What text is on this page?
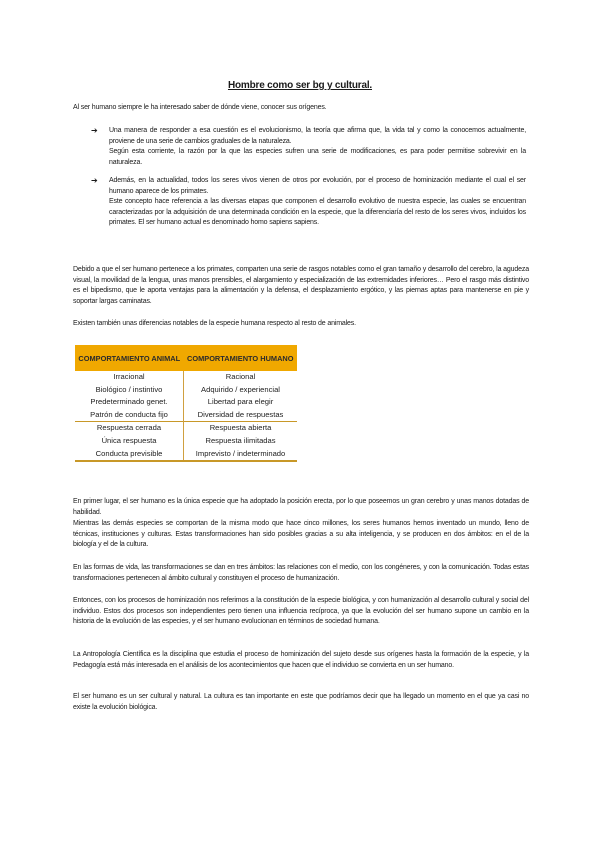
Hombre como ser bg y cultural.

Al ser humano siempre le ha interesado saber de dónde viene, conocer sus orígenes.

➔ Una manera de responder a esa cuestión es el evolucionismo, la teoría que afirma que, la vida tal y como la conocemos actualmente, proviene de una serie de cambios graduales de la naturaleza.
Según esta corriente, la razón por la que las especies sufren una serie de modificaciones, es para poder permitise sobrevivir en la naturaleza.
➔ Además, en la actualidad, todos los seres vivos vienen de otros por evolución, por el proceso de hominización mediante el cual el ser humano aparece de los primates.
Este concepto hace referencia a las diversas etapas que componen el desarrollo evolutivo de nuestra especie, las cuales se encuentran caracterizadas por la adquisición de una determinada condición en la especie, que la diferenciaría del resto de los seres vivos, incluidos los primates. El ser humano actual es denominado homo sapiens sapiens.

Debido a que el ser humano pertenece a los primates, comparten una serie de rasgos notables como el gran tamaño y desarrollo del cerebro, la agudeza visual, la movilidad de la lengua, unas manos prensibles, el alargamiento y especialización de las extremidades inferiores… Pero el rasgo más distintivo es el bipedismo, que le aporta ventajas para la alimentación y la defensa, el desplazamiento ergótico, y las piernas aptas para mantenerse en pie y soportar largas caminatas.

Existen también unas diferencias notables de la especie humana respecto al resto de animales.

COMPORTAMIENTO ANIMAL	COMPORTAMIENTO HUMANO
Irracional	Racional
Biológico / instintivo	Adquirido / experiencial
Predeterminado genet.	Libertad para elegir
Patrón de conducta fijo	Diversidad de respuestas
Respuesta cerrada	Respuesta abierta
Única respuesta	Respuesta ilimitadas
Conducta previsible	Imprevisto / indeterminado

En primer lugar, el ser humano es la única especie que ha adoptado la posición erecta, por lo que poseemos un gran cerebro y unas manos dotadas de habilidad.

Mientras las demás especies se comportan de la misma modo que hace cinco millones, los seres humanos hemos inventado un mundo, lleno de técnicas, instituciones y culturas. Estas transformaciones han sido posibles gracias a su alta inteligencia, y se producen en dos ámbitos: en el de la biología y el de la cultura.

En las formas de vida, las transformaciones se dan en tres ámbitos: las relaciones con el medio, con los congéneres, y con la comunicación. Todas estas transformaciones pertenecen al ámbito cultural y constituyen el proceso de humanización.

Entonces, con los procesos de hominización nos referimos a la constitución de la especie biológica, y con humanización al desarrollo cultural y social del individuo. Estos dos procesos son independientes pero tienen una influencia recíproca, ya que la evolución del ser humano supone un cambio en la historia de la evolución de las especies, y el ser humano evolucionan en términos de sociedad humana.

La Antropología Científica es la disciplina que estudia el proceso de hominización del sujeto desde sus orígenes hasta la formación de la especie, y la Pedagogía está más interesada en el análisis de los acontecimientos que hacen que el individuo se convierta en un ser humano.

El ser humano es un ser cultural y natural. La cultura es tan importante en este que podríamos decir que ha llegado un momento en el que ya casi no existe la evolución biológica.
